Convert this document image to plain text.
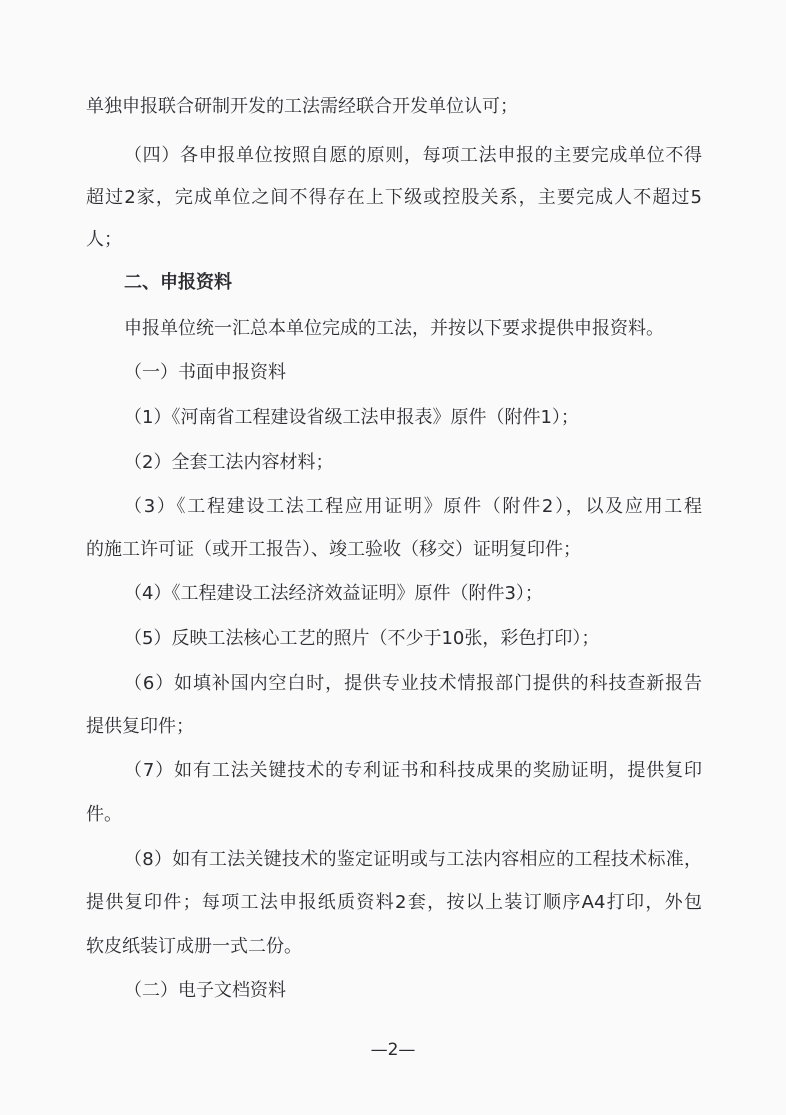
单独申报联合研制开发的工法需经联合开发单位认可；
（四）各申报单位按照自愿的原则，每项工法申报的主要完成单位不得
超过2家，完成单位之间不得存在上下级或控股关系，主要完成人不超过5
人；
二、申报资料
申报单位统一汇总本单位完成的工法，并按以下要求提供申报资料。
（一）书面申报资料
（1）《河南省工程建设省级工法申报表》原件（附件1）；
（2）全套工法内容材料；
（3）《工程建设工法工程应用证明》原件（附件2），以及应用工程
的施工许可证（或开工报告）、竣工验收（移交）证明复印件；
（4）《工程建设工法经济效益证明》原件（附件3）；
（5）反映工法核心工艺的照片（不少于10张，彩色打印）；
（6）如填补国内空白时，提供专业技术情报部门提供的科技查新报告
提供复印件；
（7）如有工法关键技术的专利证书和科技成果的奖励证明，提供复印
件。
（8）如有工法关键技术的鉴定证明或与工法内容相应的工程技术标准，
提供复印件；每项工法申报纸质资料2套，按以上装订顺序A4打印，外包
软皮纸装订成册一式二份。
（二）电子文档资料
—2—
